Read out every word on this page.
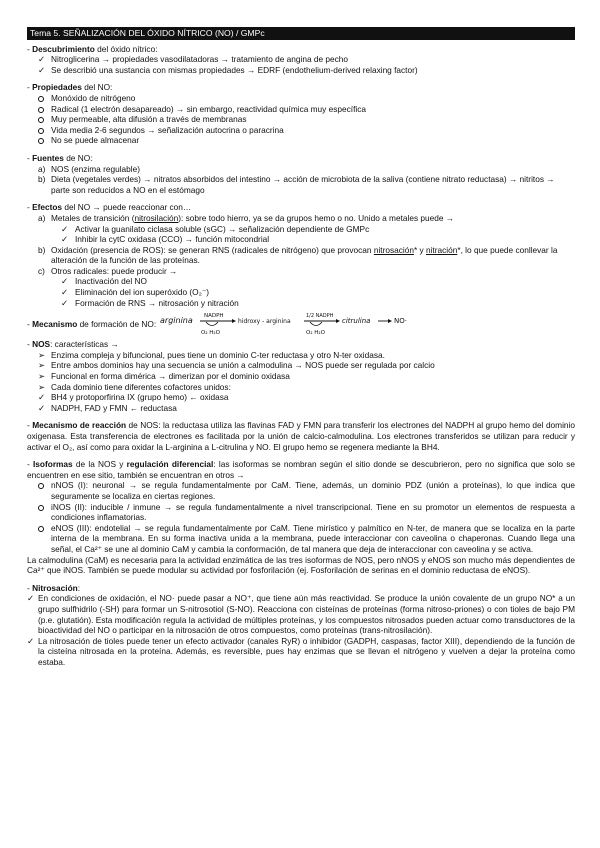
Tema 5. SEÑALIZACIÓN DEL ÓXIDO NÍTRICO (NO) / GMPc
- Descubrimiento del óxido nítrico:
✓ Nitroglicerina → propiedades vasodilatadoras → tratamiento de angina de pecho
✓ Se describió una sustancia con mismas propiedades → EDRF (endothelium-derived relaxing factor)
- Propiedades del NO:
Monóxido de nitrógeno
Radical (1 electrón desapareado) → sin embargo, reactividad química muy específica
Muy permeable, alta difusión a través de membranas
Vida media 2-6 segundos → señalización autocrina o paracrina
No se puede almacenar
- Fuentes de NO:
a) NOS (enzima regulable)
b) Dieta (vegetales verdes) → nitratos absorbidos del intestino → acción de microbiota de la saliva (contiene nitrato reductasa) → nitritos → parte son reducidos a NO en el estómago
- Efectos del NO → puede reaccionar con…
a) Metales de transición (nitrosilación): sobre todo hierro, ya se da grupos hemo o no. Unido a metales puede →
✓ Activar la guanilato ciclasa soluble (sGC) → señalización dependiente de GMPc
✓ Inhibir la cytC oxidasa (CCO) → función mitocondrial
b) Oxidación (presencia de ROS): se generan RNS (radicales de nitrógeno) que provocan nitrosación* y nitración*, lo que puede conllevar la alteración de la función de las proteínas.
c) Otros radicales: puede producir →
✓ Inactivación del NO
✓ Eliminación del ion superóxido (O₂⁻)
✓ Formación de RNS → nitrosación y nitración
- Mecanismo de formación de NO: arginina NADPH
O₂ H₂O
hidroxy - arginina
1/2 NADPH
O₂ H₂O
citrulina	NO·
- NOS: características →
➢ Enzima compleja y bifuncional, pues tiene un dominio C-ter reductasa y otro N-ter oxidasa.
➢ Entre ambos dominios hay una secuencia se unión a calmodulina → NOS puede ser regulada por calcio
➢ Funcional en forma dimérica → dimerizan por el dominio oxidasa
➢ Cada dominio tiene diferentes cofactores unidos:
✓ BH4 y protoporfirina IX (grupo hemo) ← oxidasa
✓ NADPH, FAD y FMN ← reductasa
- Mecanismo de reacción de NOS: la reductasa utiliza las flavinas FAD y FMN para transferir los electrones del NADPH al grupo hemo del dominio oxigenasa. Esta transferencia de electrones es facilitada por la unión de calcio-calmodulina. Los electrones transferidos se utilizan para reducir y activar el O₂, así como para oxidar la L-arginina a L-citrulina y NO. El grupo hemo se regenera mediante la BH4.
- Isoformas de la NOS y regulación diferencial: las isoformas se nombran según el sitio donde se descubrieron, pero no significa que solo se encuentren en ese sitio, también se encuentran en otros →
nNOS (I): neuronal → se regula fundamentalmente por CaM. Tiene, además, un dominio PDZ (unión a proteínas), lo que indica que seguramente se localiza en ciertas regiones.
iNOS (II): inducible / inmune → se regula fundamentalmente a nivel transcripcional. Tiene en su promotor un elementos de respuesta a condiciones inflamatorias.
eNOS (III): endotelial → se regula fundamentalmente por CaM. Tiene mirístico y palmítico en N-ter, de manera que se localiza en la parte interna de la membrana. En su forma inactiva unida a la membrana, puede interaccionar con caveolina o chaperonas. Cuando llega una señal, el Ca²⁺ se une al dominio CaM y cambia la conformación, de tal manera que deja de interaccionar con caveolina y se activa.
La calmodulina (CaM) es necesaria para la actividad enzimática de las tres isoformas de NOS, pero nNOS y eNOS son mucho más dependientes de Ca²⁺ que iNOS. También se puede modular su actividad por fosforilación (ej. Fosforilación de serinas en el dominio reductasa de eNOS).
- Nitrosación:
✓ En condiciones de oxidación, el NO· puede pasar a NO⁺, que tiene aún más reactividad. Se produce la unión covalente de un grupo NO* a un grupo sulfhidrilo (-SH) para formar un S-nitrosotiol (S-NO). Reacciona con cisteínas de proteínas (forma nitroso-priones) o con tioles de bajo PM (p.e. glutatión). Esta modificación regula la actividad de múltiples proteínas, y los compuestos nitrosados pueden actuar como transductores de la bioactividad del NO o participar en la nitrosación de otros compuestos, como proteínas (trans-nitrosilación).
✓ La nitrosación de tioles puede tener un efecto activador (canales RyR) o inhibidor (GADPH, caspasas, factor XIII), dependiendo de la función de la cisteína nitrosada en la proteína. Además, es reversible, pues hay enzimas que se llevan el nitrógeno y vuelven a dejar la proteína como estaba.
